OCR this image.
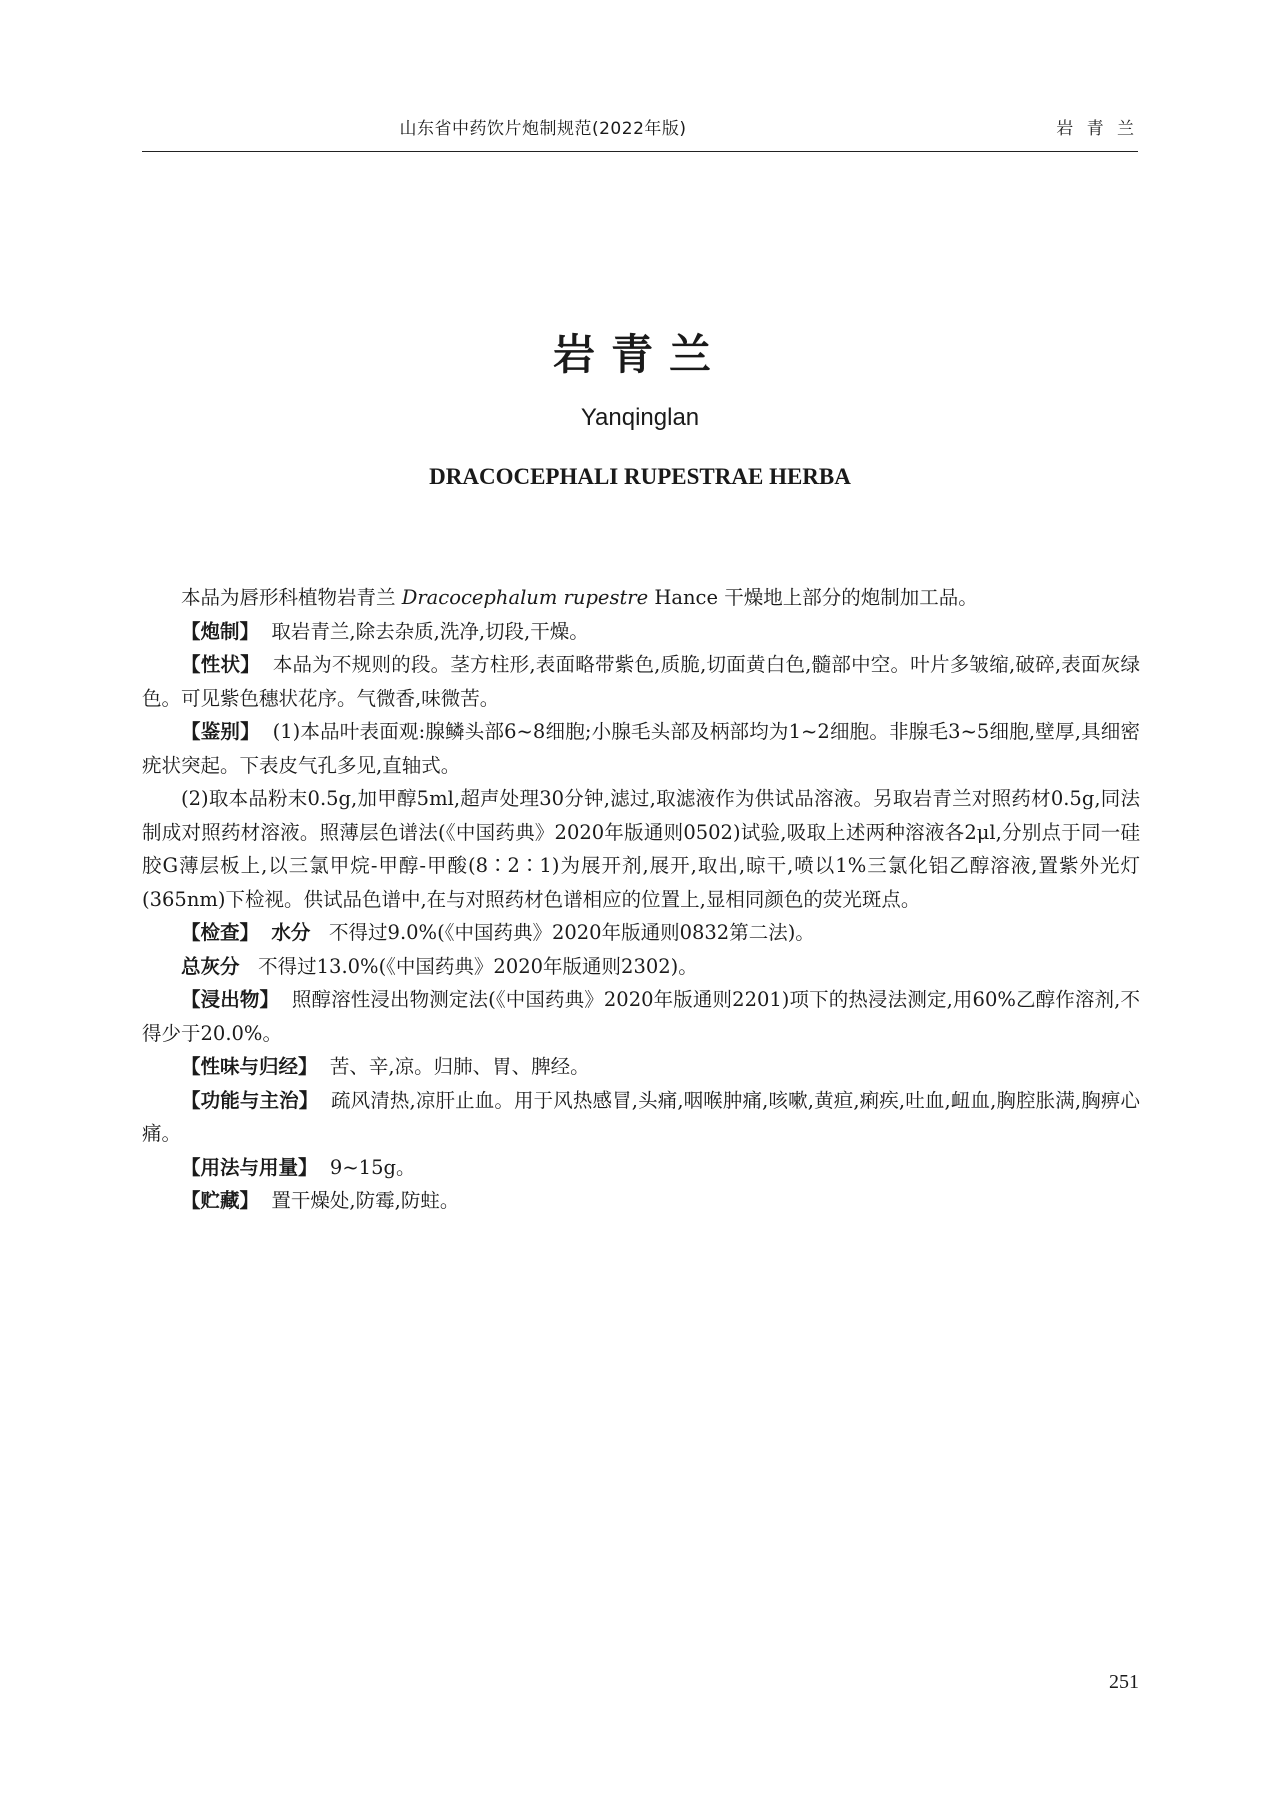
山东省中药饮片炮制规范(2022年版)	岩 青 兰
岩青兰
Yanqinglan
DRACOCEPHALI RUPESTRAE HERBA

本品为唇形科植物岩青兰 Dracocephalum rupestre Hance 干燥地上部分的炮制加工品。

【炮制】 取岩青兰,除去杂质,洗净,切段,干燥。

【性状】 本品为不规则的段。茎方柱形,表面略带紫色,质脆,切面黄白色,髓部中空。叶片多皱缩,破碎,表面灰绿色。可见紫色穗状花序。气微香,味微苦。

【鉴别】 (1)本品叶表面观:腺鳞头部6~8细胞;小腺毛头部及柄部均为1~2细胞。非腺毛3~5细胞,壁厚,具细密疣状突起。下表皮气孔多见,直轴式。

(2)取本品粉末0.5g,加甲醇5ml,超声处理30分钟,滤过,取滤液作为供试品溶液。另取岩青兰对照药材0.5g,同法制成对照药材溶液。照薄层色谱法(《中国药典》2020年版通则0502)试验,吸取上述两种溶液各2μl,分别点于同一硅胶G薄层板上,以三氯甲烷-甲醇-甲酸(8∶2∶1)为展开剂,展开,取出,晾干,喷以1%三氯化铝乙醇溶液,置紫外光灯(365nm)下检视。供试品色谱中,在与对照药材色谱相应的位置上,显相同颜色的荧光斑点。

【检查】 水分 不得过9.0%(《中国药典》2020年版通则0832第二法)。

总灰分 不得过13.0%(《中国药典》2020年版通则2302)。

【浸出物】 照醇溶性浸出物测定法(《中国药典》2020年版通则2201)项下的热浸法测定,用60%乙醇作溶剂,不得少于20.0%。

【性味与归经】 苦、辛,凉。归肺、胃、脾经。

【功能与主治】 疏风清热,凉肝止血。用于风热感冒,头痛,咽喉肿痛,咳嗽,黄疸,痢疾,吐血,衄血,胸腔胀满,胸痹心痛。

【用法与用量】 9~15g。

【贮藏】 置干燥处,防霉,防蛀。

251
